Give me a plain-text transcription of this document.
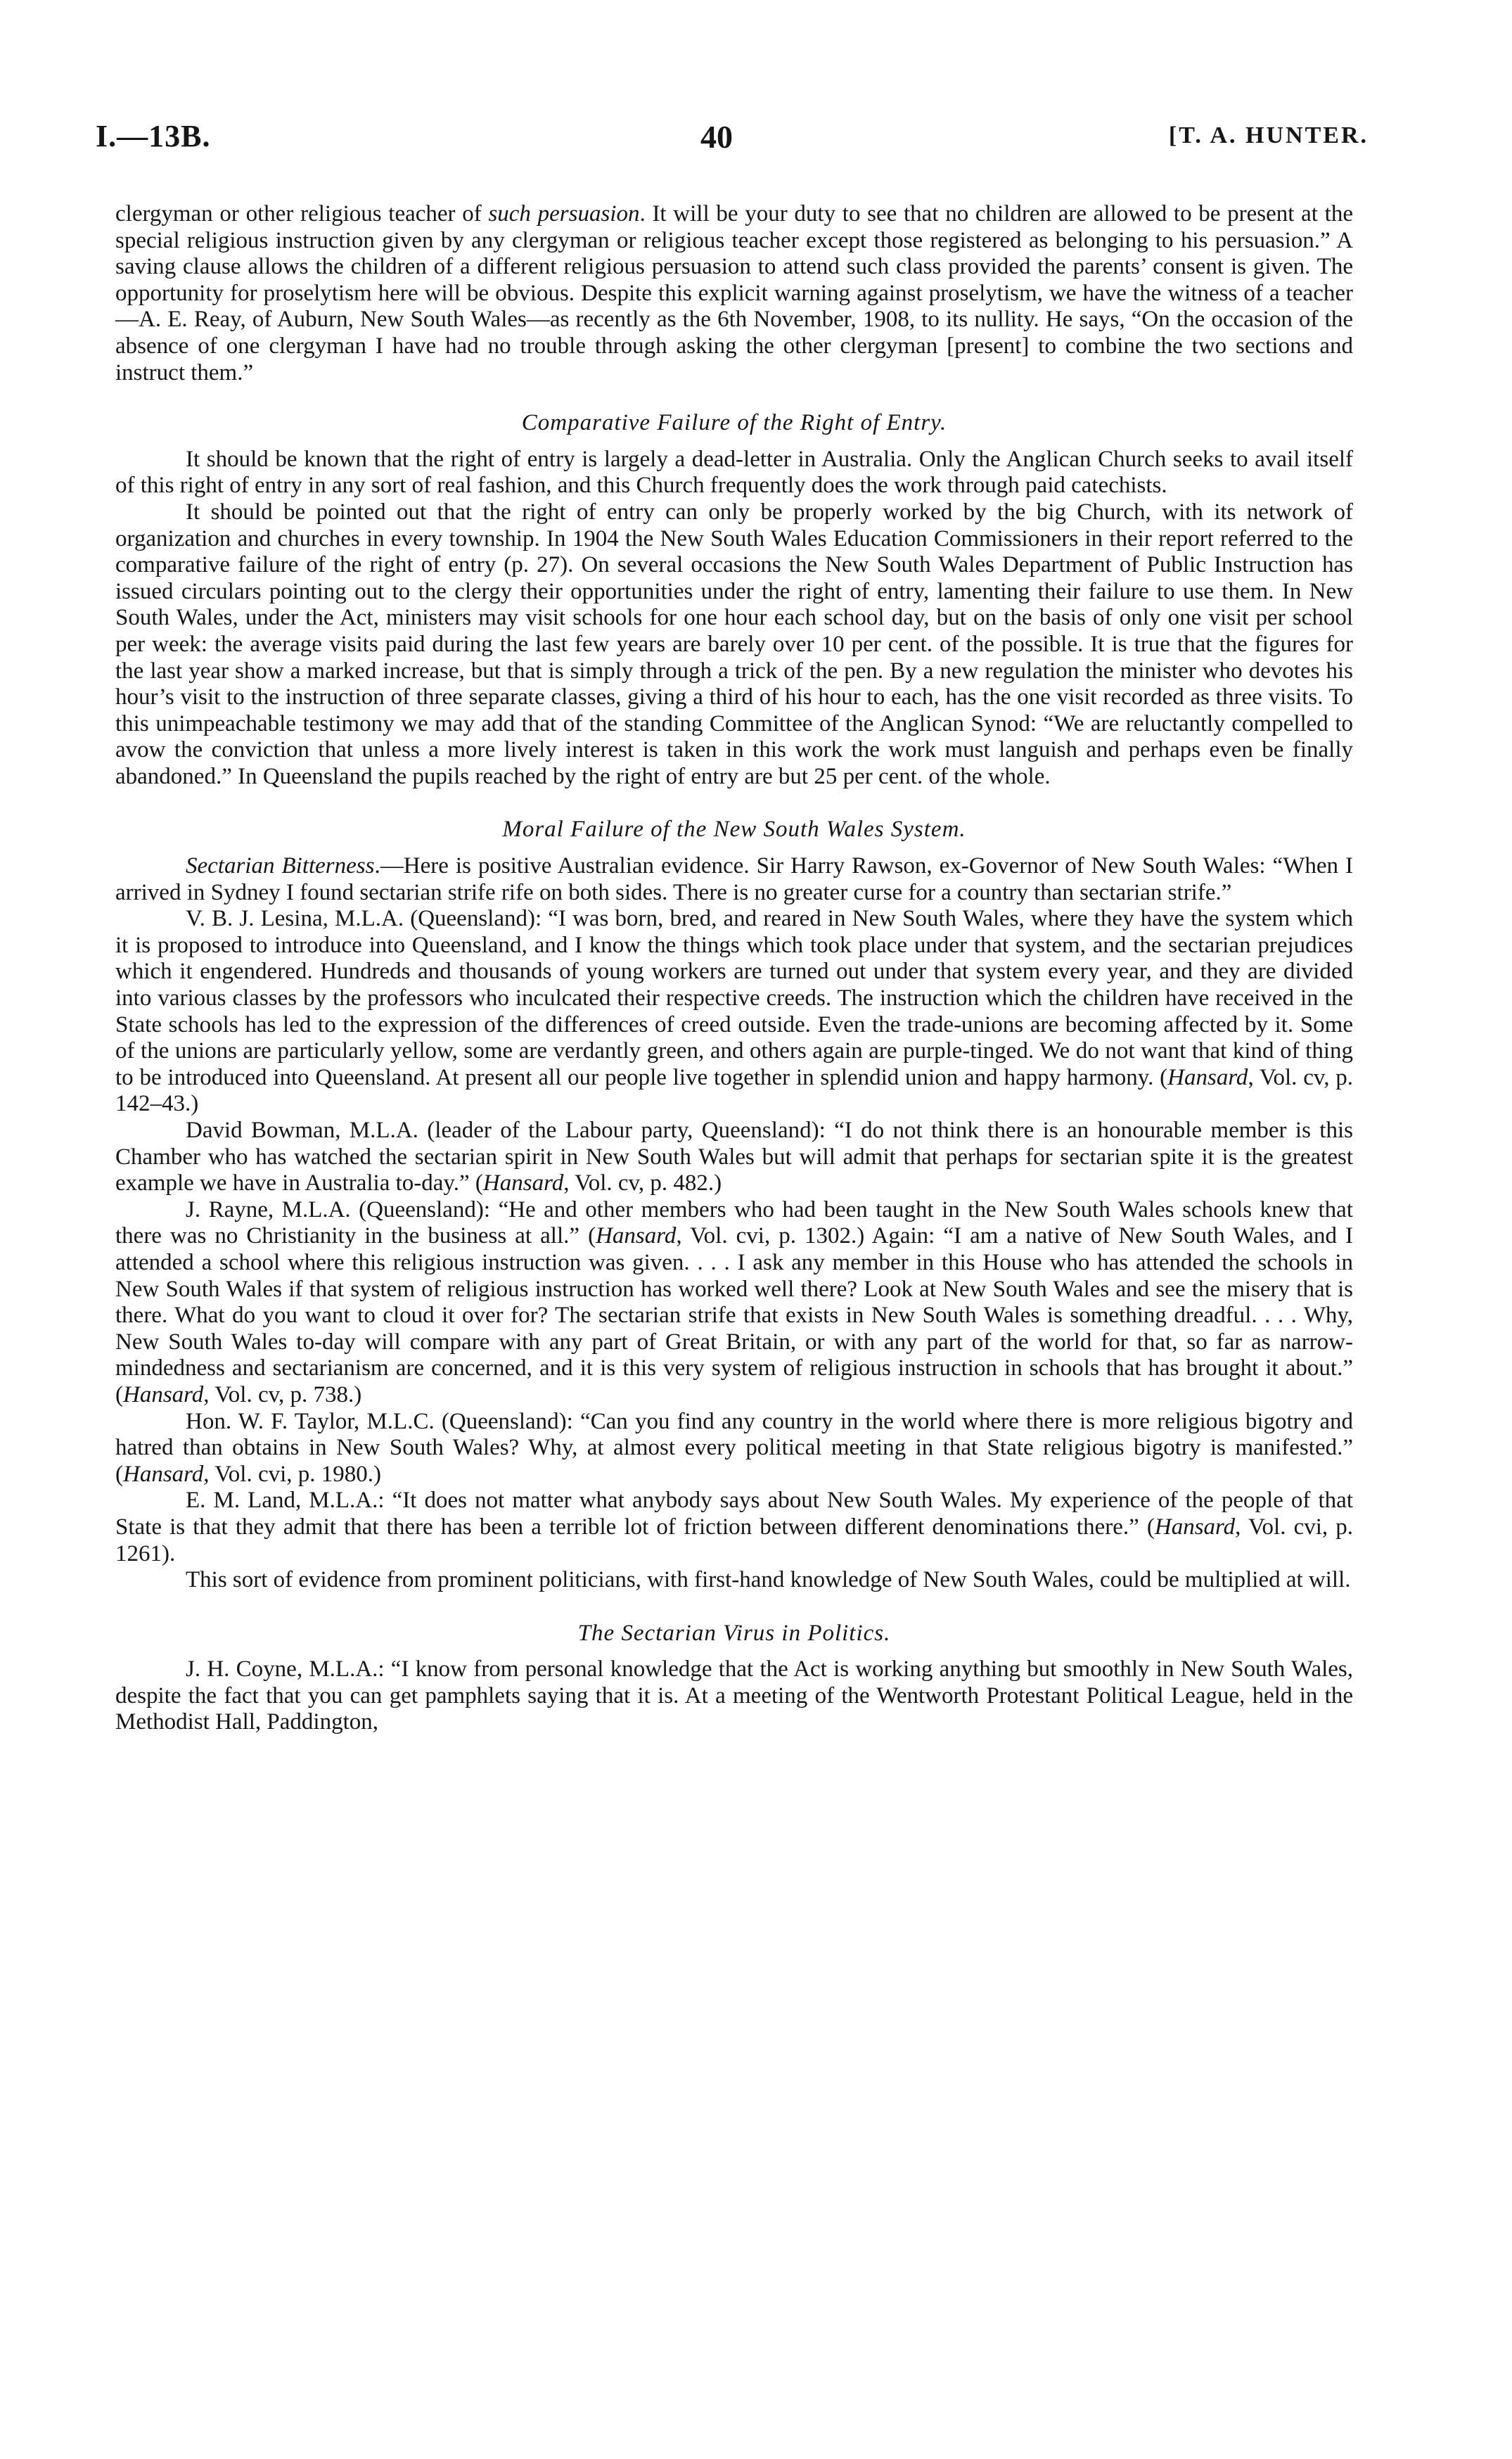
I.—13B.	40	[T. A. HUNTER.

clergyman or other religious teacher of such persuasion. It will be your duty to see that no children are allowed to be present at the special religious instruction given by any clergyman or religious teacher except those registered as belonging to his persuasion.” A saving clause allows the children of a different religious persuasion to attend such class provided the parents’ consent is given. The opportunity for proselytism here will be obvious. Despite this explicit warning against proselytism, we have the witness of a teacher—A. E. Reay, of Auburn, New South Wales—as recently as the 6th November, 1908, to its nullity. He says, “On the occasion of the absence of one clergyman I have had no trouble through asking the other clergyman [present] to combine the two sections and instruct them.”

Comparative Failure of the Right of Entry.

It should be known that the right of entry is largely a dead-letter in Australia. Only the Anglican Church seeks to avail itself of this right of entry in any sort of real fashion, and this Church frequently does the work through paid catechists.

It should be pointed out that the right of entry can only be properly worked by the big Church, with its network of organization and churches in every township. In 1904 the New South Wales Education Commissioners in their report referred to the comparative failure of the right of entry (p. 27). On several occasions the New South Wales Department of Public Instruction has issued circulars pointing out to the clergy their opportunities under the right of entry, lamenting their failure to use them. In New South Wales, under the Act, ministers may visit schools for one hour each school day, but on the basis of only one visit per school per week: the average visits paid during the last few years are barely over 10 per cent. of the possible. It is true that the figures for the last year show a marked increase, but that is simply through a trick of the pen. By a new regulation the minister who devotes his hour’s visit to the instruction of three separate classes, giving a third of his hour to each, has the one visit recorded as three visits. To this unimpeachable testimony we may add that of the standing Committee of the Anglican Synod: “We are reluctantly compelled to avow the conviction that unless a more lively interest is taken in this work the work must languish and perhaps even be finally abandoned.” In Queensland the pupils reached by the right of entry are but 25 per cent. of the whole.

Moral Failure of the New South Wales System.

Sectarian Bitterness.—Here is positive Australian evidence. Sir Harry Rawson, ex-Governor of New South Wales: “When I arrived in Sydney I found sectarian strife rife on both sides. There is no greater curse for a country than sectarian strife.”

V. B. J. Lesina, M.L.A. (Queensland): “I was born, bred, and reared in New South Wales, where they have the system which it is proposed to introduce into Queensland, and I know the things which took place under that system, and the sectarian prejudices which it engendered. Hundreds and thousands of young workers are turned out under that system every year, and they are divided into various classes by the professors who inculcated their respective creeds. The instruction which the children have received in the State schools has led to the expression of the differences of creed outside. Even the trade-unions are becoming affected by it. Some of the unions are particularly yellow, some are verdantly green, and others again are purple-tinged. We do not want that kind of thing to be introduced into Queensland. At present all our people live together in splendid union and happy harmony. (Hansard, Vol. cv, p. 142–43.)

David Bowman, M.L.A. (leader of the Labour party, Queensland): “I do not think there is an honourable member is this Chamber who has watched the sectarian spirit in New South Wales but will admit that perhaps for sectarian spite it is the greatest example we have in Australia to-day.” (Hansard, Vol. cv, p. 482.)

J. Rayne, M.L.A. (Queensland): “He and other members who had been taught in the New South Wales schools knew that there was no Christianity in the business at all.” (Hansard, Vol. cvi, p. 1302.) Again: “I am a native of New South Wales, and I attended a school where this religious instruction was given. . . . I ask any member in this House who has attended the schools in New South Wales if that system of religious instruction has worked well there? Look at New South Wales and see the misery that is there. What do you want to cloud it over for? The sectarian strife that exists in New South Wales is something dreadful. . . . Why, New South Wales to-day will compare with any part of Great Britain, or with any part of the world for that, so far as narrow-mindedness and sectarianism are concerned, and it is this very system of religious instruction in schools that has brought it about.” (Hansard, Vol. cv, p. 738.)

Hon. W. F. Taylor, M.L.C. (Queensland): “Can you find any country in the world where there is more religious bigotry and hatred than obtains in New South Wales? Why, at almost every political meeting in that State religious bigotry is manifested.” (Hansard, Vol. cvi, p. 1980.)

E. M. Land, M.L.A.: “It does not matter what anybody says about New South Wales. My experience of the people of that State is that they admit that there has been a terrible lot of friction between different denominations there.” (Hansard, Vol. cvi, p. 1261).

This sort of evidence from prominent politicians, with first-hand knowledge of New South Wales, could be multiplied at will.

The Sectarian Virus in Politics.

J. H. Coyne, M.L.A.: “I know from personal knowledge that the Act is working anything but smoothly in New South Wales, despite the fact that you can get pamphlets saying that it is. At a meeting of the Wentworth Protestant Political League, held in the Methodist Hall, Paddington,
